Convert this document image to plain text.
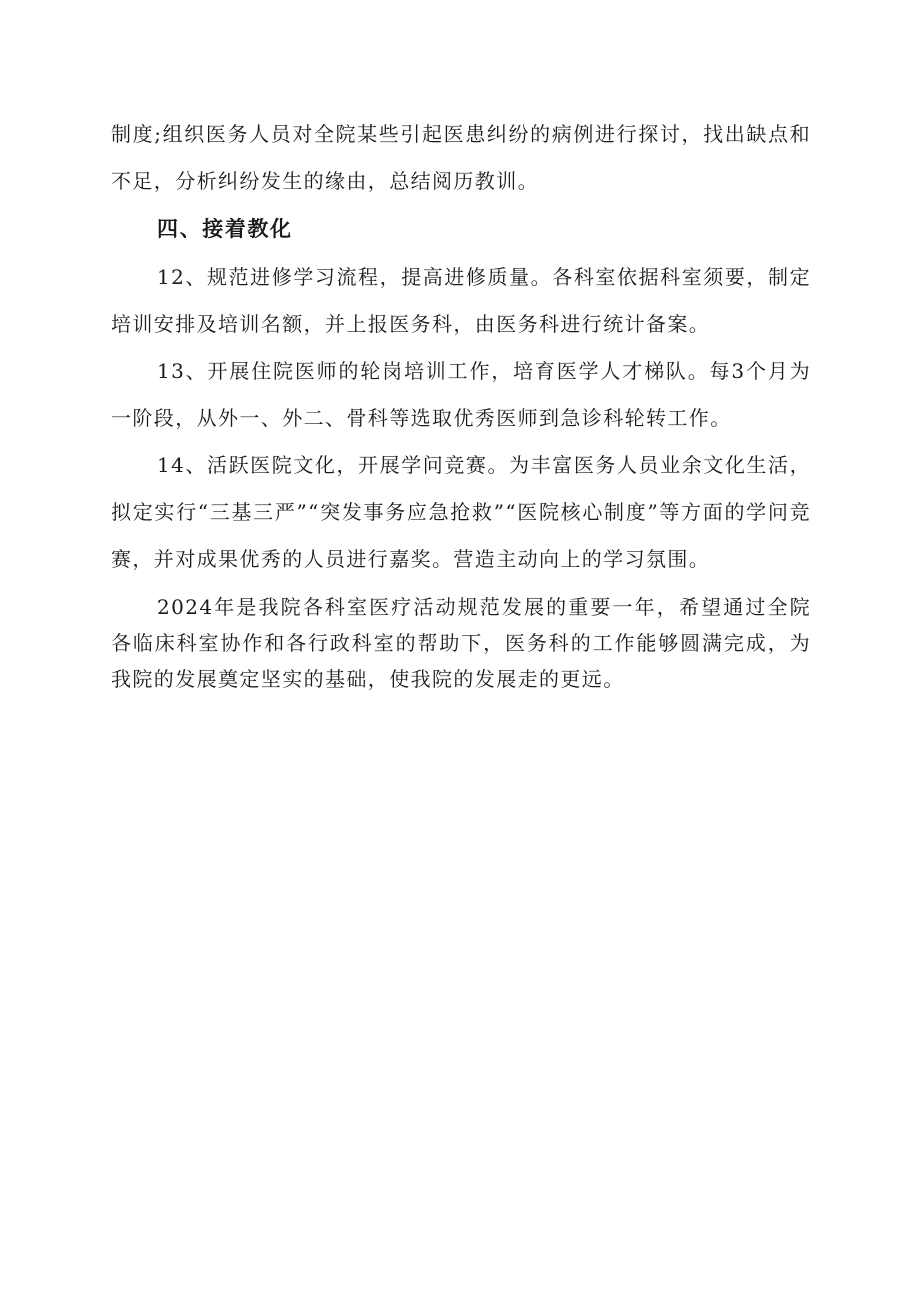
制度;组织医务人员对全院某些引起医患纠纷的病例进行探讨，找出缺点和不足，分析纠纷发生的缘由，总结阅历教训。

四、接着教化

12、规范进修学习流程，提高进修质量。各科室依据科室须要，制定培训安排及培训名额，并上报医务科，由医务科进行统计备案。

13、开展住院医师的轮岗培训工作，培育医学人才梯队。每3个月为一阶段，从外一、外二、骨科等选取优秀医师到急诊科轮转工作。

14、活跃医院文化，开展学问竞赛。为丰富医务人员业余文化生活，拟定实行“三基三严”“突发事务应急抢救”“医院核心制度”等方面的学问竞赛，并对成果优秀的人员进行嘉奖。营造主动向上的学习氛围。

2024年是我院各科室医疗活动规范发展的重要一年，希望通过全院各临床科室协作和各行政科室的帮助下，医务科的工作能够圆满完成，为我院的发展奠定坚实的基础，使我院的发展走的更远。
